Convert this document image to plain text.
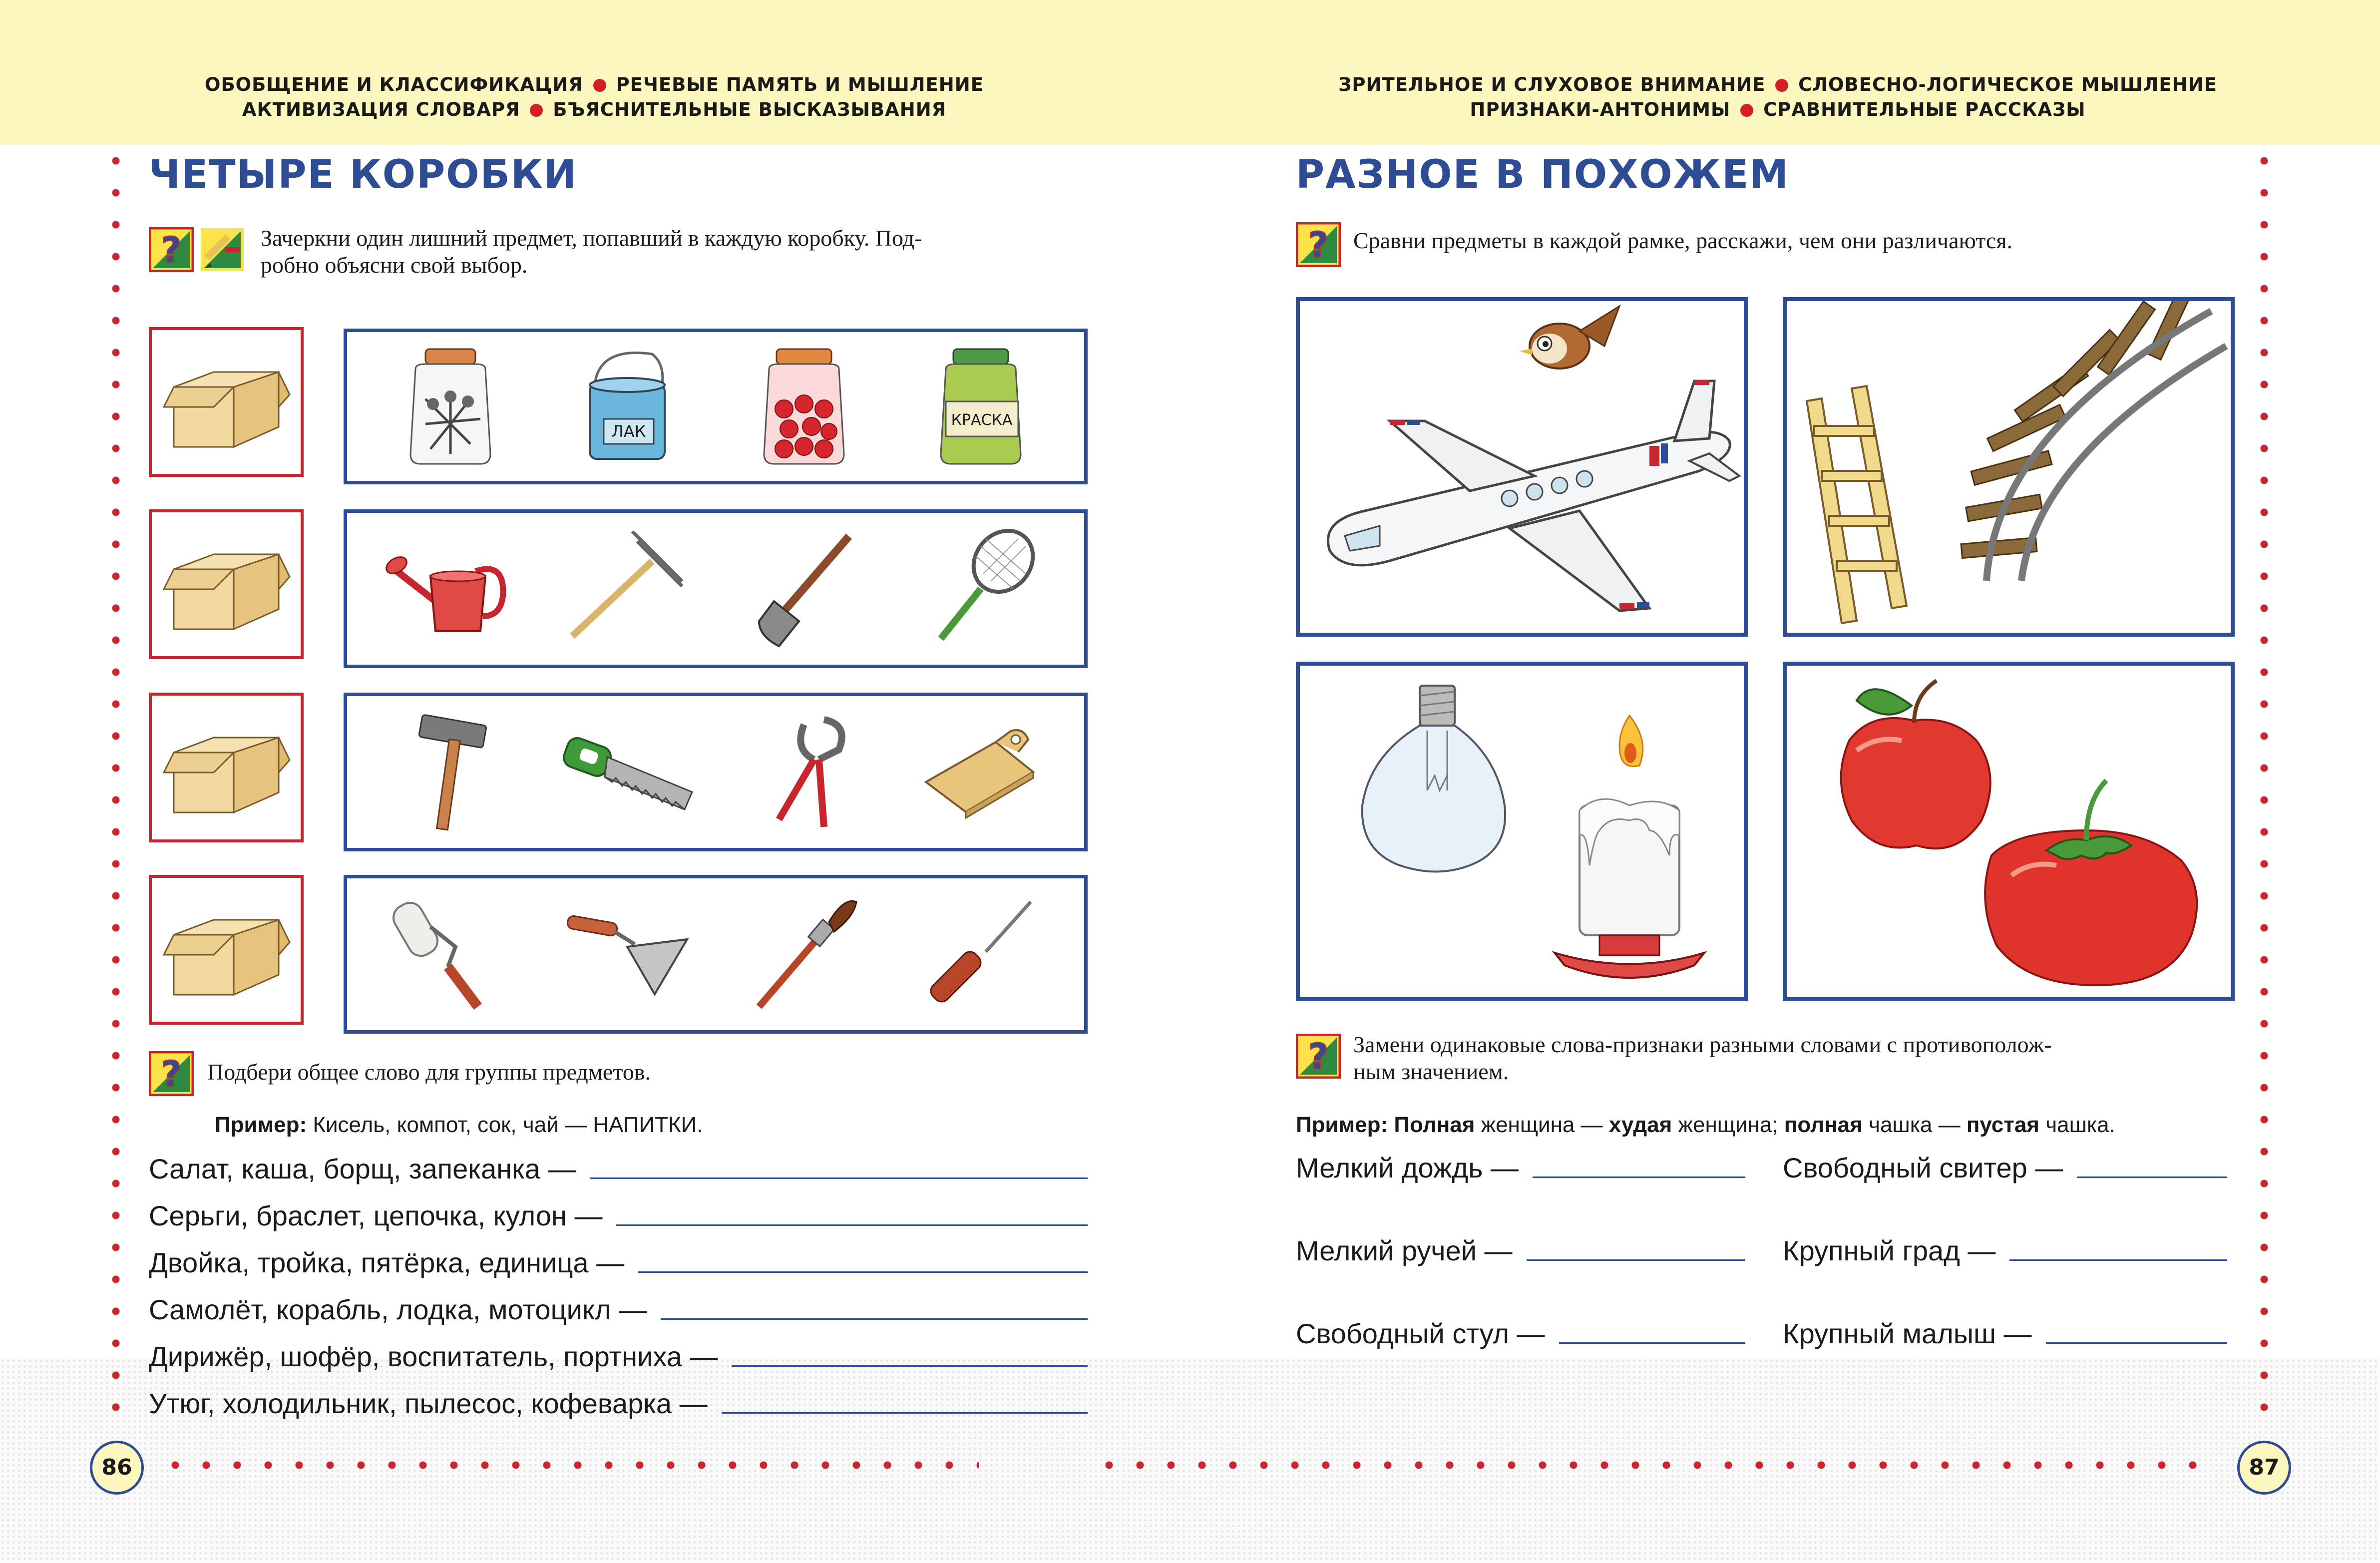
ОБОБЩЕНИЕ И КЛАССИФИКАЦИЯ РЕЧЕВЫЕ ПАМЯТЬ И МЫШЛЕНИЕ
АКТИВИЗАЦИЯ СЛОВАРЯ БЪЯСНИТЕЛЬНЫЕ ВЫСКАЗЫВАНИЯ
ЗРИТЕЛЬНОЕ И СЛУХОВОЕ ВНИМАНИЕ СЛОВЕСНО-ЛОГИЧЕСКОЕ МЫШЛЕНИЕ
ПРИЗНАКИ-АНТОНИМЫ СРАВНИТЕЛЬНЫЕ РАССКАЗЫ
86	87
ЧЕТЫРЕ КОРОБКИ
?	Зачеркни один лишний предмет, попавший в каждую коробку. Под-
робно объясни свой выбор.
ЛАК
КРАСКА
? Подбери общее слово для группы предметов.
Пример: Кисель, компот, сок, чай — НАПИТКИ.
Салат, каша, борщ, запеканка —
Серьги, браслет, цепочка, кулон —
Двойка, тройка, пятёрка, единица —
Самолёт, корабль, лодка, мотоцикл —
Дирижёр, шофёр, воспитатель, портниха —
Утюг, холодильник, пылесос, кофеварка —
РАЗНОЕ В ПОХОЖЕМ
? Сравни предметы в каждой рамке, расскажи, чем они различаются.
? Замени одинаковые слова-признаки разными словами с противополож-
ным значением.
Пример: Полная женщина — худая женщина; полная чашка — пустая чашка.
Мелкий дождь —
Мелкий ручей —
Свободный стул —
Свободный свитер —
Крупный град —
Крупный малыш —
